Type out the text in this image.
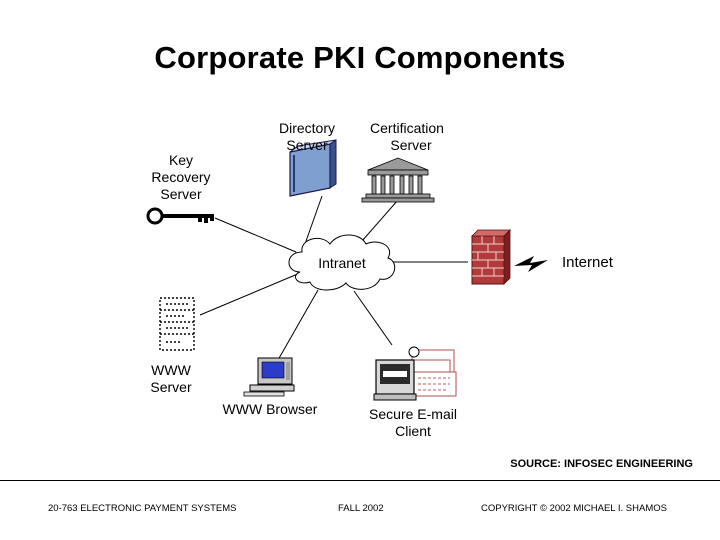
Corporate PKI Components
Intranet
Directory
Server
Certification
Server
Key
Recovery
Server
Internet
WWW
Server
WWW Browser	Secure E-mail
Client
SOURCE: INFOSEC ENGINEERING
20-763 ELECTRONIC PAYMENT SYSTEMS	FALL 2002	COPYRIGHT © 2002 MICHAEL I. SHAMOS
